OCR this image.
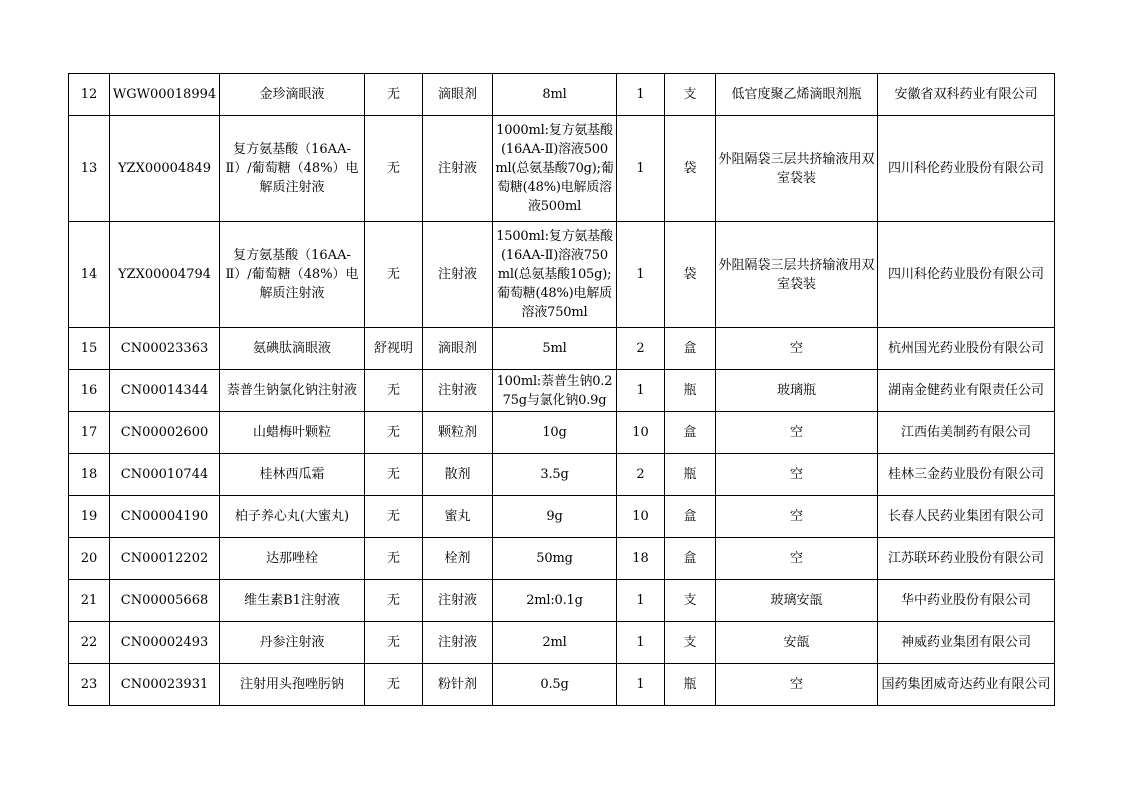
12	WGW00018994	金珍滴眼液	无	滴眼剂	8ml	1	支	低官度聚乙烯滴眼剂瓶	安徽省双科药业有限公司
13	YZX00004849	复方氨基酸（16AA-Ⅱ）/葡萄糖（48%）电解质注射液	无	注射液	1000ml:复方氨基酸(16AA-Ⅱ)溶液500ml(总氨基酸70g);葡萄糖(48%)电解质溶液500ml	1	袋	外阻隔袋三层共挤输液用双室袋装	四川科伦药业股份有限公司
14	YZX00004794	复方氨基酸（16AA-Ⅱ）/葡萄糖（48%）电解质注射液	无	注射液	1500ml:复方氨基酸(16AA-Ⅱ)溶液750ml(总氨基酸105g);葡萄糖(48%)电解质溶液750ml	1	袋	外阻隔袋三层共挤输液用双室袋装	四川科伦药业股份有限公司
15	CN00023363	氨碘肽滴眼液	舒视明	滴眼剂	5ml	2	盒	空	杭州国光药业股份有限公司
16	CN00014344	萘普生钠氯化钠注射液	无	注射液	100ml:萘普生钠0.275g与氯化钠0.9g	1	瓶	玻璃瓶	湖南金健药业有限责任公司
17	CN00002600	山蜡梅叶颗粒	无	颗粒剂	10g	10	盒	空	江西佑美制药有限公司
18	CN00010744	桂林西瓜霜	无	散剂	3.5g	2	瓶	空	桂林三金药业股份有限公司
19	CN00004190	柏子养心丸(大蜜丸)	无	蜜丸	9g	10	盒	空	长春人民药业集团有限公司
20	CN00012202	达那唑栓	无	栓剂	50mg	18	盒	空	江苏联环药业股份有限公司
21	CN00005668	维生素B1注射液	无	注射液	2ml:0.1g	1	支	玻璃安瓿	华中药业股份有限公司
22	CN00002493	丹参注射液	无	注射液	2ml	1	支	安瓿	神威药业集团有限公司
23	CN00023931	注射用头孢唑肟钠	无	粉针剂	0.5g	1	瓶	空	国药集团威奇达药业有限公司
